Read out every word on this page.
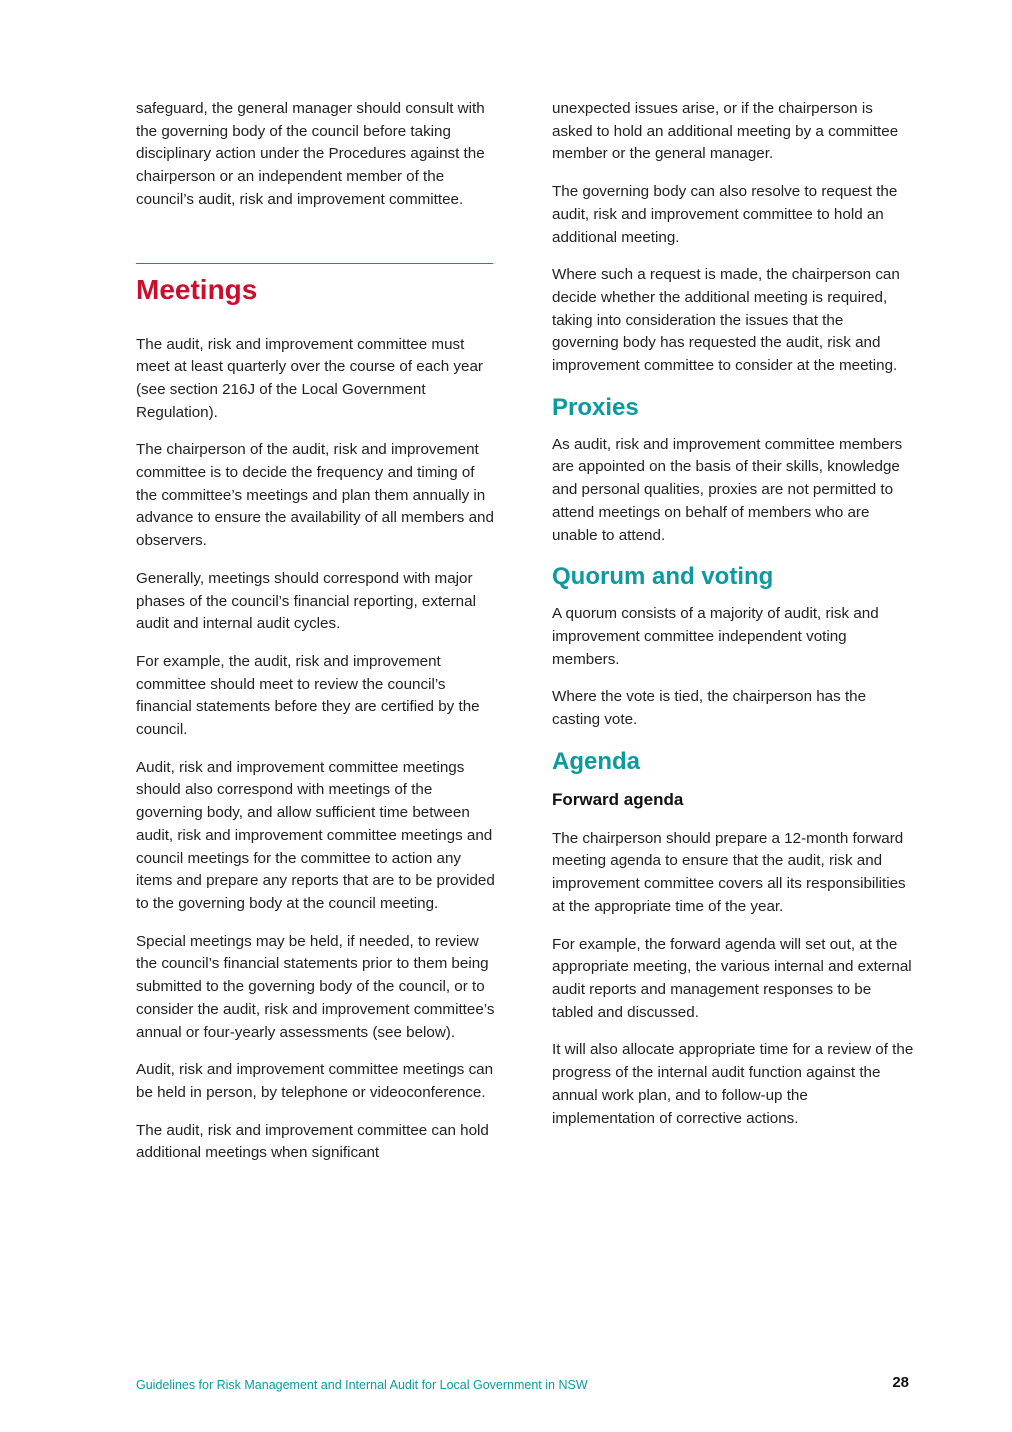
safeguard, the general manager should consult with the governing body of the council before taking disciplinary action under the Procedures against the chairperson or an independent member of the council’s audit, risk and improvement committee.

Meetings

The audit, risk and improvement committee must meet at least quarterly over the course of each year (see section 216J of the Local Government Regulation).

The chairperson of the audit, risk and improvement committee is to decide the frequency and timing of the committee’s meetings and plan them annually in advance to ensure the availability of all members and observers.

Generally, meetings should correspond with major phases of the council’s financial reporting, external audit and internal audit cycles.

For example, the audit, risk and improvement committee should meet to review the council’s financial statements before they are certified by the council.

Audit, risk and improvement committee meetings should also correspond with meetings of the governing body, and allow sufficient time between audit, risk and improvement committee meetings and council meetings for the committee to action any items and prepare any reports that are to be provided to the governing body at the council meeting.

Special meetings may be held, if needed, to review the council’s financial statements prior to them being submitted to the governing body of the council, or to consider the audit, risk and improvement committee’s annual or four-yearly assessments (see below).

Audit, risk and improvement committee meetings can be held in person, by telephone or videoconference.

The audit, risk and improvement committee can hold additional meetings when significant

unexpected issues arise, or if the chairperson is asked to hold an additional meeting by a committee member or the general manager.

The governing body can also resolve to request the audit, risk and improvement committee to hold an additional meeting.

Where such a request is made, the chairperson can decide whether the additional meeting is required, taking into consideration the issues that the governing body has requested the audit, risk and improvement committee to consider at the meeting.

Proxies

As audit, risk and improvement committee members are appointed on the basis of their skills, knowledge and personal qualities, proxies are not permitted to attend meetings on behalf of members who are unable to attend.

Quorum and voting

A quorum consists of a majority of audit, risk and improvement committee independent voting members.

Where the vote is tied, the chairperson has the casting vote.

Agenda
Forward agenda

The chairperson should prepare a 12-month forward meeting agenda to ensure that the audit, risk and improvement committee covers all its responsibilities at the appropriate time of the year.

For example, the forward agenda will set out, at the appropriate meeting, the various internal and external audit reports and management responses to be tabled and discussed.

It will also allocate appropriate time for a review of the progress of the internal audit function against the annual work plan, and to follow-up the implementation of corrective actions.

Guidelines for Risk Management and Internal Audit for Local Government in NSW	28
